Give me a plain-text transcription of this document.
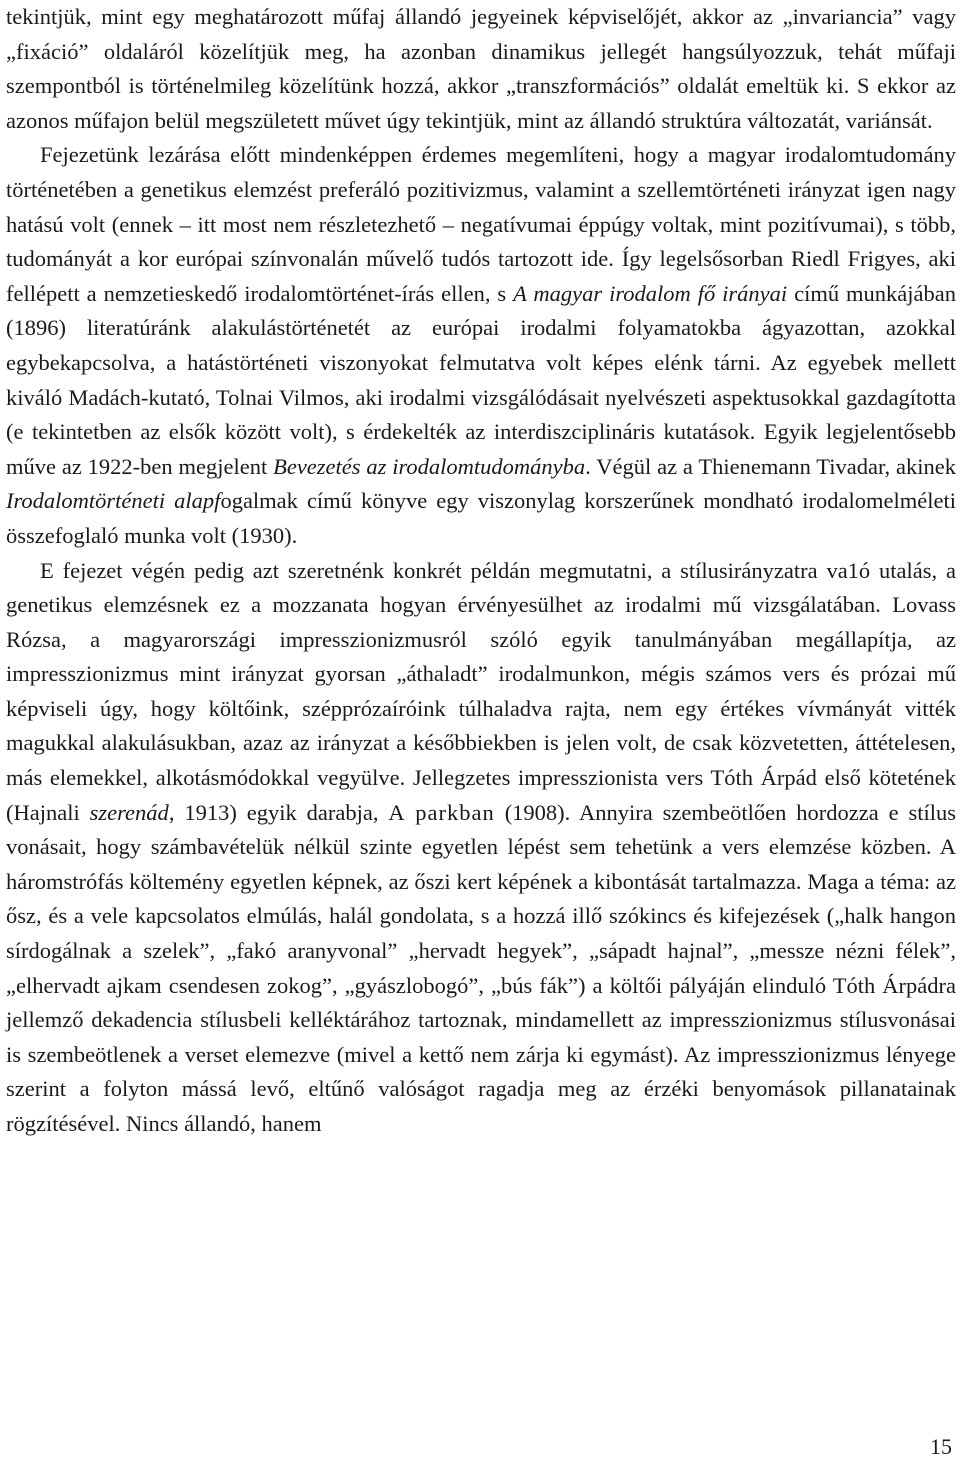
tekintjük, mint egy meghatározott műfaj állandó jegyeinek képviselőjét, akkor az „invariancia” vagy „fixáció” oldaláról közelítjük meg, ha azonban dinamikus jellegét hangsúlyozzuk, tehát műfaji szempontból is történelmileg közelítünk hozzá, akkor „transzformációs” oldalát emeltük ki. S ekkor az azonos műfajon belül megszületett művet úgy tekintjük, mint az állandó struktúra változatát, variánsát.

Fejezetünk lezárása előtt mindenképpen érdemes megemlíteni, hogy a magyar irodalomtudomány történetében a genetikus elemzést preferáló pozitivizmus, valamint a szellemtörténeti irányzat igen nagy hatású volt (ennek – itt most nem részletezhető – negatívumai éppúgy voltak, mint pozitívumai), s több, tudományát a kor európai színvonalán művelő tudós tartozott ide. Így legelsősorban Riedl Frigyes, aki fellépett a nemzetieskedő irodalomtörténet-írás ellen, s A magyar irodalom fő irányai című munkájában (1896) literatúránk alakulástörténetét az európai irodalmi folyamatokba ágyazottan, azokkal egybekapcsolva, a hatástörténeti viszonyokat felmutatva volt képes elénk tárni. Az egyebek mellett kiváló Madách-kutató, Tolnai Vilmos, aki irodalmi vizsgálódásait nyelvészeti aspektusokkal gazdagította (e tekintetben az elsők között volt), s érdekelték az interdiszciplináris kutatások. Egyik legjelentősebb műve az 1922-ben megjelent Bevezetés az irodalomtudományba. Végül az a Thienemann Tivadar, akinek Irodalomtörténeti alapfogalmak című könyve egy viszonylag korszerűnek mondható irodalomelméleti összefoglaló munka volt (1930).

E fejezet végén pedig azt szeretnénk konkrét példán megmutatni, a stílusirányzatra va1ó utalás, a genetikus elemzésnek ez a mozzanata hogyan érvényesülhet az irodalmi mű vizsgálatában. Lovass Rózsa, a magyarországi impresszionizmusról szóló egyik tanulmányában megállapítja, az impresszionizmus mint irányzat gyorsan „áthaladt” irodalmunkon, mégis számos vers és prózai mű képviseli úgy, hogy költőink, szépprózaíróink túlhaladva rajta, nem egy értékes vívmányát vitték magukkal alakulásukban, azaz az irányzat a későbbiekben is jelen volt, de csak közvetetten, áttételesen, más elemekkel, alkotásmódokkal vegyülve. Jellegzetes impresszionista vers Tóth Árpád első kötetének (Hajnali szerenád, 1913) egyik darabja, A parkban (1908). Annyira szembeötlően hordozza e stílus vonásait, hogy számbavételük nélkül szinte egyetlen lépést sem tehetünk a vers elemzése közben. A háromstrófás költemény egyetlen képnek, az őszi kert képének a kibontását tartalmazza. Maga a téma: az ősz, és a vele kapcsolatos elmúlás, halál gondolata, s a hozzá illő szókincs és kifejezések („halk hangon sírdogálnak a szelek”, „fakó aranyvonal” „hervadt hegyek”, „sápadt hajnal”, „messze nézni félek”, „elhervadt ajkam csendesen zokog”, „gyászlobogó”, „bús fák”) a költői pályáján elinduló Tóth Árpádra jellemző dekadencia stílusbeli kelléktárához tartoznak, mindamellett az impresszionizmus stílusvonásai is szembeötlenek a verset elemezve (mivel a kettő nem zárja ki egymást). Az impresszionizmus lényege szerint a folyton mássá levő, eltűnő valóságot ragadja meg az érzéki benyomások pillanatainak rögzítésével. Nincs állandó, hanem

15
